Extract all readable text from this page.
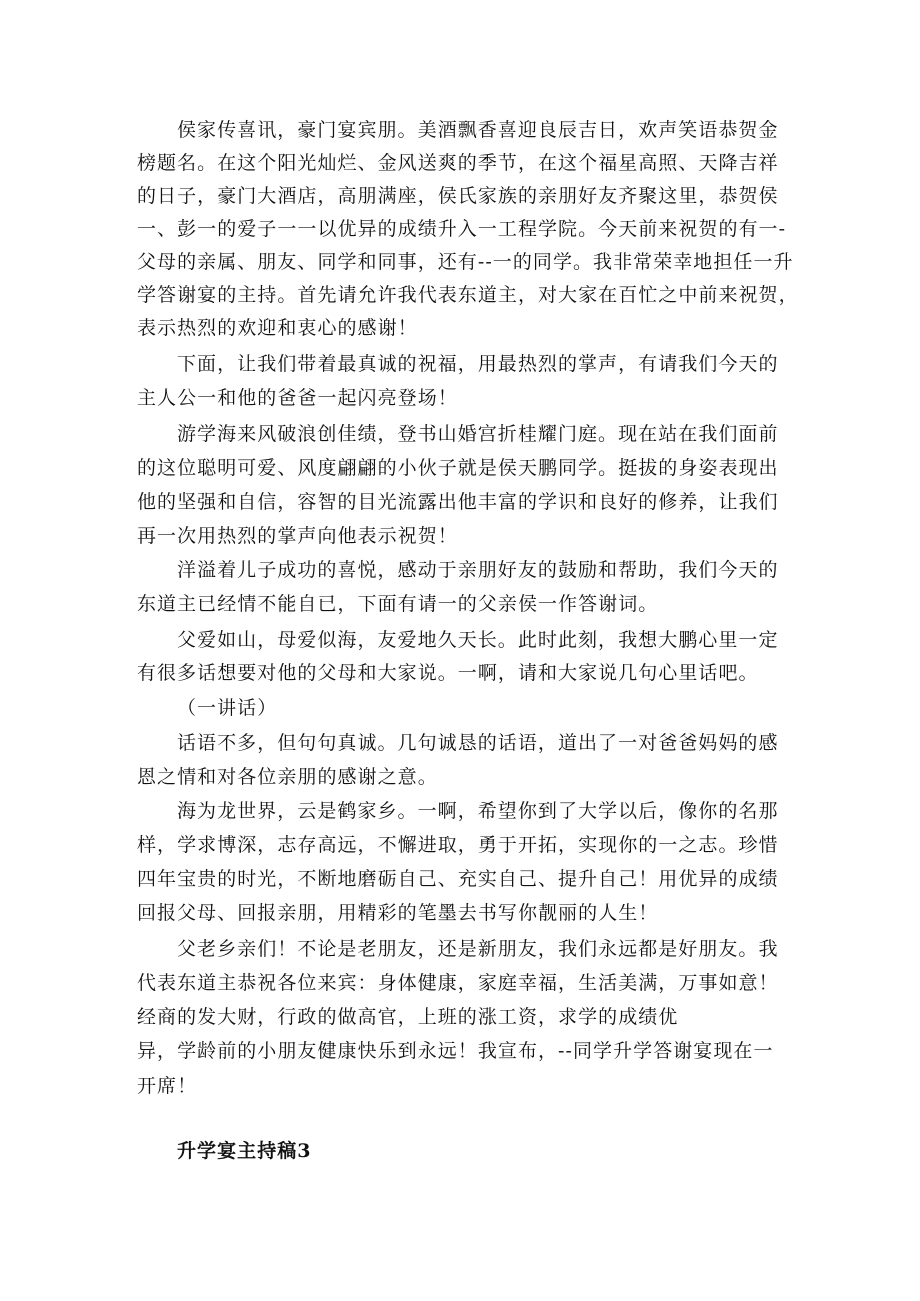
侯家传喜讯，豪门宴宾朋。美酒飘香喜迎良辰吉日，欢声笑语恭贺金
榜题名。在这个阳光灿烂、金风送爽的季节，在这个福星高照、天降吉祥
的日子，豪门大酒店，高朋满座，侯氏家族的亲朋好友齐聚这里，恭贺侯
一、彭一的爱子一一以优异的成绩升入一工程学院。今天前来祝贺的有一-
父母的亲属、朋友、同学和同事，还有--一的同学。我非常荣幸地担任一升
学答谢宴的主持。首先请允许我代表东道主，对大家在百忙之中前来祝贺，
表示热烈的欢迎和衷心的感谢！
下面，让我们带着最真诚的祝福，用最热烈的掌声，有请我们今天的
主人公一和他的爸爸一起闪亮登场！
游学海来风破浪创佳绩，登书山婚宫折桂耀门庭。现在站在我们面前
的这位聪明可爱、风度翩翩的小伙子就是侯天鹏同学。挺拔的身姿表现出
他的坚强和自信，容智的目光流露出他丰富的学识和良好的修养，让我们
再一次用热烈的掌声向他表示祝贺！
洋溢着儿子成功的喜悦，感动于亲朋好友的鼓励和帮助，我们今天的
东道主已经情不能自已，下面有请一的父亲侯一作答谢词。
父爱如山，母爱似海，友爱地久天长。此时此刻，我想大鹏心里一定
有很多话想要对他的父母和大家说。一啊，请和大家说几句心里话吧。
（一讲话）
话语不多，但句句真诚。几句诚恳的话语，道出了一对爸爸妈妈的感
恩之情和对各位亲朋的感谢之意。
海为龙世界，云是鹤家乡。一啊，希望你到了大学以后，像你的名那
样，学求博深，志存高远，不懈进取，勇于开拓，实现你的一之志。珍惜
四年宝贵的时光，不断地磨砺自己、充实自己、提升自己！用优异的成绩
回报父母、回报亲朋，用精彩的笔墨去书写你靓丽的人生！
父老乡亲们！不论是老朋友，还是新朋友，我们永远都是好朋友。我
代表东道主恭祝各位来宾：身体健康，家庭幸福，生活美满，万事如意！
经商的发大财，行政的做高官，上班的涨工资，求学的成绩优
异，学龄前的小朋友健康快乐到永远！我宣布，--同学升学答谢宴现在一
开席！
升学宴主持稿3
